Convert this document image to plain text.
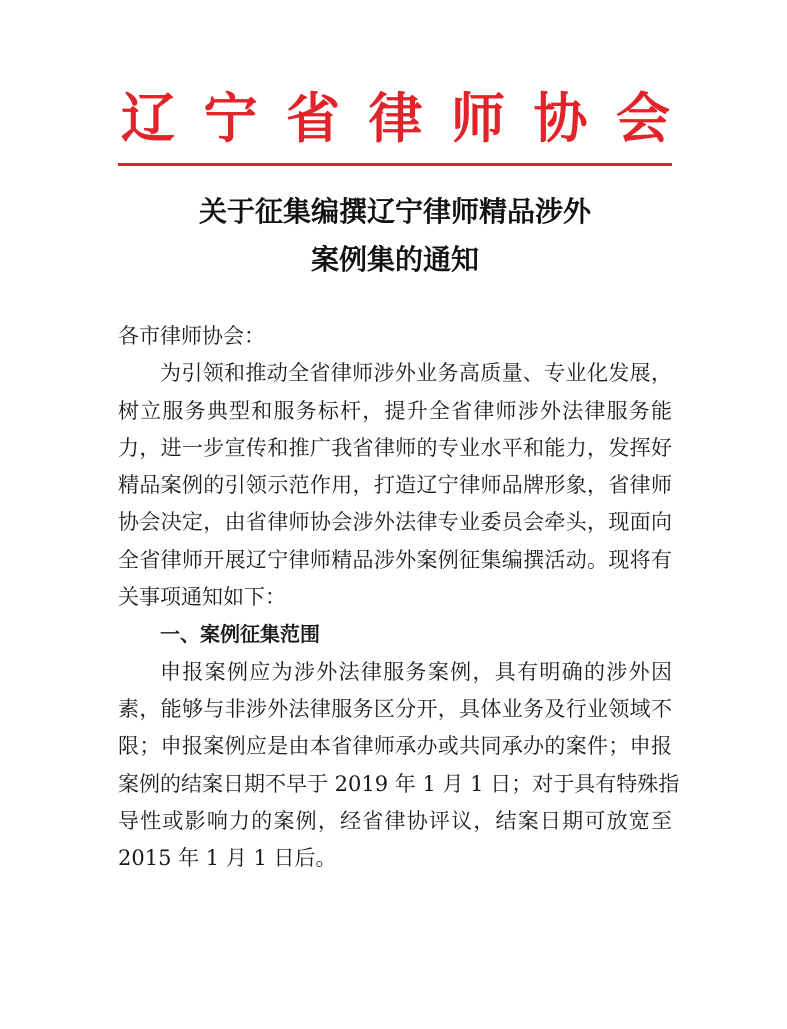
辽 宁 省 律 师 协 会
关于征集编撰辽宁律师精品涉外
案例集的通知
各市律师协会：
为引领和推动全省律师涉外业务高质量、专业化发展，
树立服务典型和服务标杆，提升全省律师涉外法律服务能
力，进一步宣传和推广我省律师的专业水平和能力，发挥好
精品案例的引领示范作用，打造辽宁律师品牌形象，省律师
协会决定，由省律师协会涉外法律专业委员会牵头，现面向
全省律师开展辽宁律师精品涉外案例征集编撰活动。现将有
关事项通知如下：
一、案例征集范围
申报案例应为涉外法律服务案例，具有明确的涉外因
素，能够与非涉外法律服务区分开，具体业务及行业领域不
限；申报案例应是由本省律师承办或共同承办的案件；申报
案例的结案日期不早于 2019 年 1 月 1 日；对于具有特殊指
导性或影响力的案例，经省律协评议，结案日期可放宽至
2015 年 1 月 1 日后。
